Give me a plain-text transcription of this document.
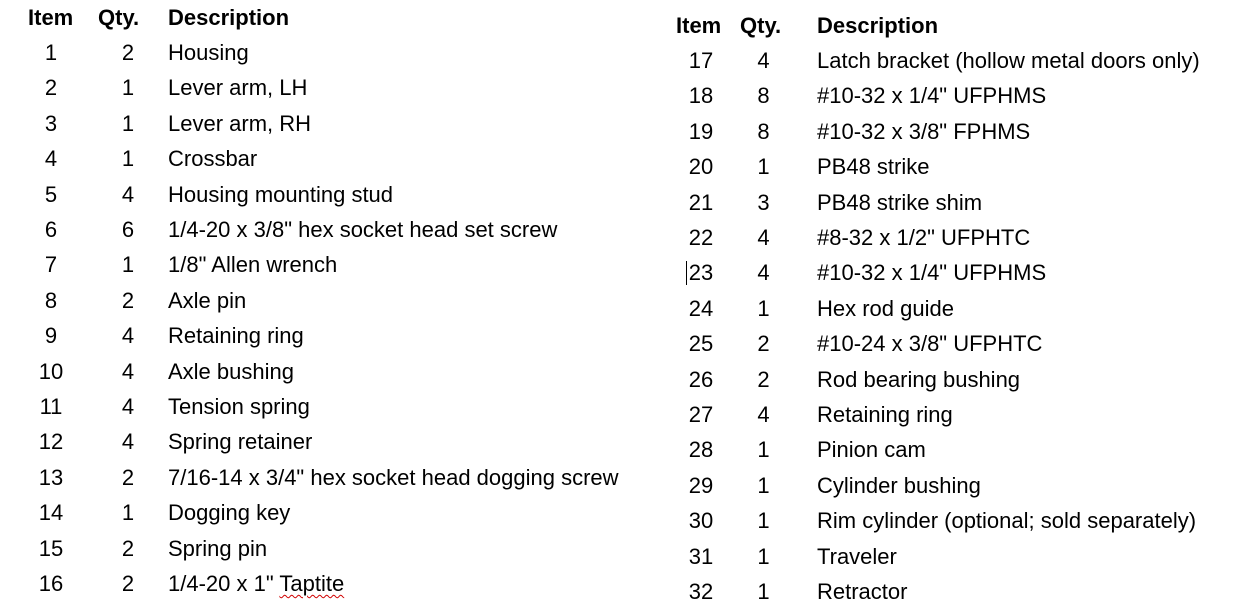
Item	Qty.	Description
1	2	Housing
2	1	Lever arm, LH
3	1	Lever arm, RH
4	1	Crossbar
5	4	Housing mounting stud
6	6	1/4-20 x 3/8" hex socket head set screw
7	1	1/8" Allen wrench
8	2	Axle pin
9	4	Retaining ring
10	4	Axle bushing
11	4	Tension spring
12	4	Spring retainer
13	2	7/16-14 x 3/4" hex socket head dogging screw
14	1	Dogging key
15	2	Spring pin
16	2	1/4-20 x 1" Taptite
Item	Qty.	Description
17	4	Latch bracket (hollow metal doors only)
18	8	#10-32 x 1/4" UFPHMS
19	8	#10-32 x 3/8" FPHMS
20	1	PB48 strike
21	3	PB48 strike shim
22	4	#8-32 x 1/2" UFPHTC
23	4	#10-32 x 1/4" UFPHMS
24	1	Hex rod guide
25	2	#10-24 x 3/8" UFPHTC
26	2	Rod bearing bushing
27	4	Retaining ring
28	1	Pinion cam
29	1	Cylinder bushing
30	1	Rim cylinder (optional; sold separately)
31	1	Traveler
32	1	Retractor
